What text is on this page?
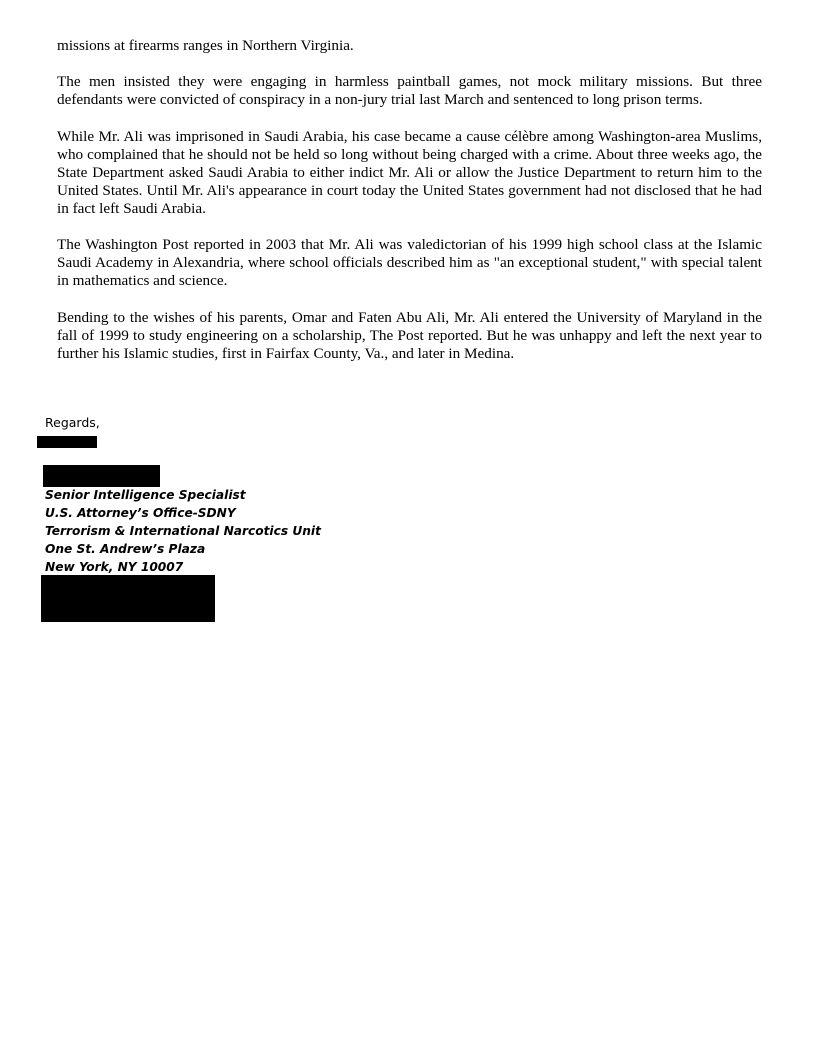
missions at firearms ranges in Northern Virginia.

The men insisted they were engaging in harmless paintball games, not mock military missions. But three defendants were convicted of conspiracy in a non-jury trial last March and sentenced to long prison terms.

While Mr. Ali was imprisoned in Saudi Arabia, his case became a cause célèbre among Washington-area Muslims, who complained that he should not be held so long without being charged with a crime. About three weeks ago, the State Department asked Saudi Arabia to either indict Mr. Ali or allow the Justice Department to return him to the United States. Until Mr. Ali's appearance in court today the United States government had not disclosed that he had in fact left Saudi Arabia.

The Washington Post reported in 2003 that Mr. Ali was valedictorian of his 1999 high school class at the Islamic Saudi Academy in Alexandria, where school officials described him as "an exceptional student," with special talent in mathematics and science.

Bending to the wishes of his parents, Omar and Faten Abu Ali, Mr. Ali entered the University of Maryland in the fall of 1999 to study engineering on a scholarship, The Post reported. But he was unhappy and left the next year to further his Islamic studies, first in Fairfax County, Va., and later in Medina.

Regards,
Senior Intelligence Specialist
U.S. Attorney’s Office-SDNY
Terrorism & International Narcotics Unit
One St. Andrew’s Plaza
New York, NY 10007
